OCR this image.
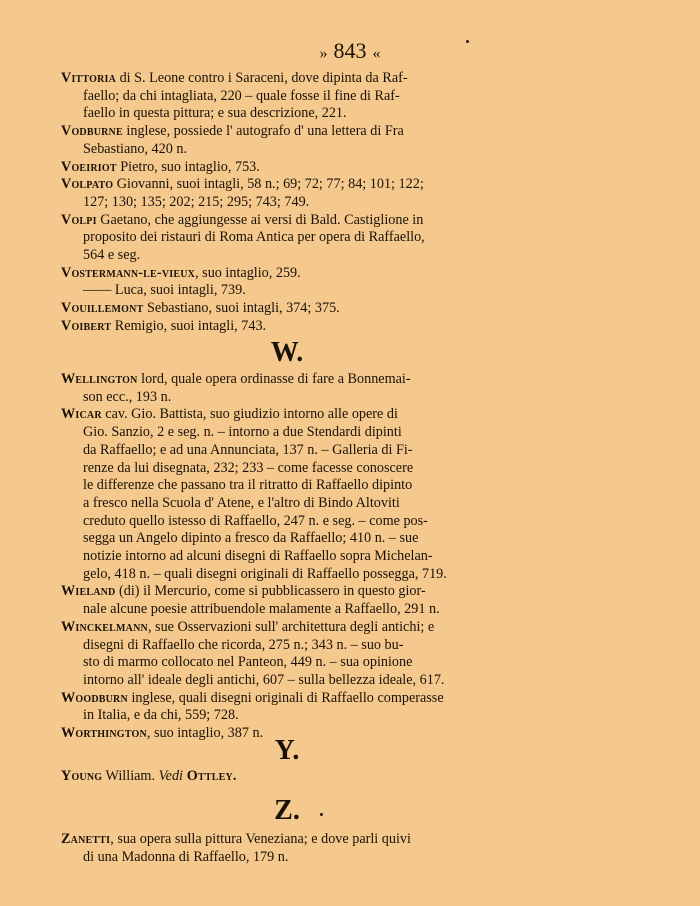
» 843 «
Vittoria di S. Leone contro i Saraceni, dove dipinta da Raf-
faello; da chi intagliata, 220 – quale fosse il fine di Raf-
faello in questa pittura; e sua descrizione, 221.
Vodburne inglese, possiede l' autografo d' una lettera di Fra
Sebastiano, 420 n.
Voeiriot Pietro, suo intaglio, 753.
Volpato Giovanni, suoi intagli, 58 n.; 69; 72; 77; 84; 101; 122;
127; 130; 135; 202; 215; 295; 743; 749.
Volpi Gaetano, che aggiungesse ai versi di Bald. Castiglione in
proposito dei ristauri di Roma Antica per opera di Raffaello,
564 e seg.
Vostermann-le-vieux, suo intaglio, 259.
—— Luca, suoi intagli, 739.
Vouillemont Sebastiano, suoi intagli, 374; 375.
Voibert Remigio, suoi intagli, 743.
W.
Wellington lord, quale opera ordinasse di fare a Bonnemai-
son ecc., 193 n.
Wicar cav. Gio. Battista, suo giudizio intorno alle opere di
Gio. Sanzio, 2 e seg. n. – intorno a due Stendardi dipinti
da Raffaello; e ad una Annunciata, 137 n. – Galleria di Fi-
renze da lui disegnata, 232; 233 – come facesse conoscere
le differenze che passano tra il ritratto di Raffaello dipinto
a fresco nella Scuola d' Atene, e l'altro di Bindo Altoviti
creduto quello istesso di Raffaello, 247 n. e seg. – come pos-
segga un Angelo dipinto a fresco da Raffaello; 410 n. – sue
notizie intorno ad alcuni disegni di Raffaello sopra Michelan-
gelo, 418 n. – quali disegni originali di Raffaello possegga, 719.
Wieland (di) il Mercurio, come si pubblicassero in questo gior-
nale alcune poesie attribuendole malamente a Raffaello, 291 n.
Winckelmann, sue Osservazioni sull' architettura degli antichi; e
disegni di Raffaello che ricorda, 275 n.; 343 n. – suo bu-
sto di marmo collocato nel Panteon, 449 n. – sua opinione
intorno all' ideale degli antichi, 607 – sulla bellezza ideale, 617.
Woodburn inglese, quali disegni originali di Raffaello comperasse
in Italia, e da chi, 559; 728.
Worthington, suo intaglio, 387 n.
Y.
Young William. Vedi Ottley.
Z.
Zanetti, sua opera sulla pittura Veneziana; e dove parli quivi
di una Madonna di Raffaello, 179 n.
